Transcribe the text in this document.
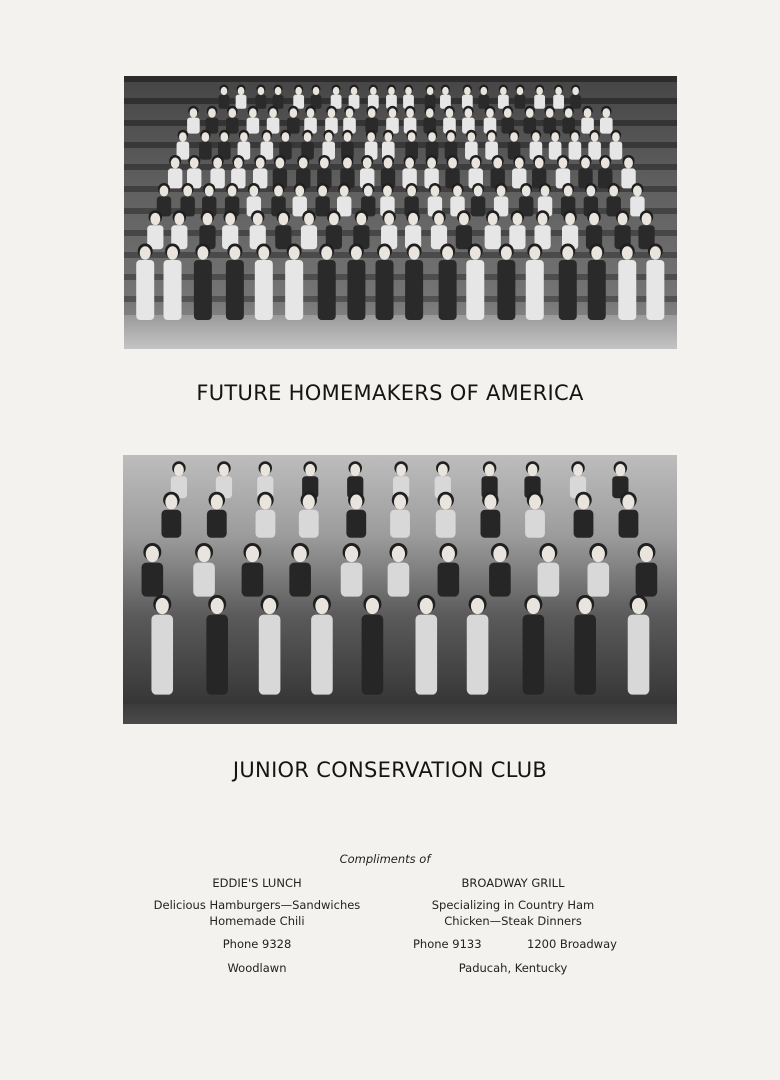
FUTURE HOMEMAKERS OF AMERICA
JUNIOR CONSERVATION CLUB
Compliments of
EDDIE'S LUNCH
Delicious Hamburgers—Sandwiches
Homemade Chili
Phone 9328
Woodlawn
BROADWAY GRILL
Specializing in Country Ham
Chicken—Steak Dinners
Phone 9133	1200 Broadway
Paducah, Kentucky
